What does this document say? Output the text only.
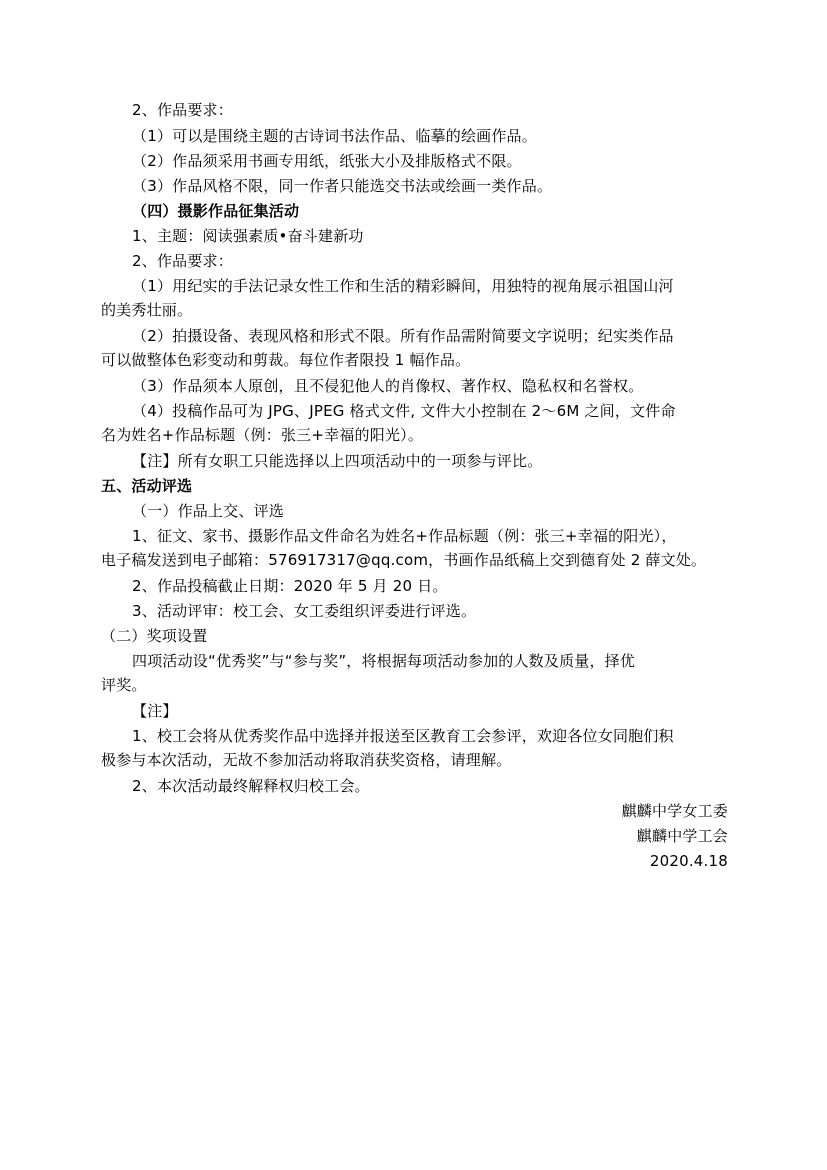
2、作品要求：
（1）可以是围绕主题的古诗词书法作品、临摹的绘画作品。
（2）作品须采用书画专用纸，纸张大小及排版格式不限。
（3）作品风格不限，同一作者只能选交书法或绘画一类作品。
（四）摄影作品征集活动
1、主题：阅读强素质•奋斗建新功
2、作品要求：
（1）用纪实的手法记录女性工作和生活的精彩瞬间，用独特的视角展示祖国山河
的美秀壮丽。
（2）拍摄设备、表现风格和形式不限。所有作品需附简要文字说明；纪实类作品
可以做整体色彩变动和剪裁。每位作者限投 1 幅作品。
（3）作品须本人原创，且不侵犯他人的肖像权、著作权、隐私权和名誉权。
（4）投稿作品可为 JPG、JPEG 格式文件, 文件大小控制在 2～6M 之间，文件命
名为姓名+作品标题（例：张三+幸福的阳光）。
【注】所有女职工只能选择以上四项活动中的一项参与评比。
五、活动评选
（一）作品上交、评选
1、征文、家书、摄影作品文件命名为姓名+作品标题（例：张三+幸福的阳光），
电子稿发送到电子邮箱：576917317@qq.com，书画作品纸稿上交到德育处 2 薛文处。
2、作品投稿截止日期：2020 年 5 月 20 日。
3、活动评审：校工会、女工委组织评委进行评选。
（二）奖项设置
四项活动设“优秀奖”与“参与奖”，将根据每项活动参加的人数及质量，择优
评奖。
【注】
1、校工会将从优秀奖作品中选择并报送至区教育工会参评，欢迎各位女同胞们积
极参与本次活动，无故不参加活动将取消获奖资格，请理解。
2、本次活动最终解释权归校工会。
麒麟中学女工委
麒麟中学工会
2020.4.18
